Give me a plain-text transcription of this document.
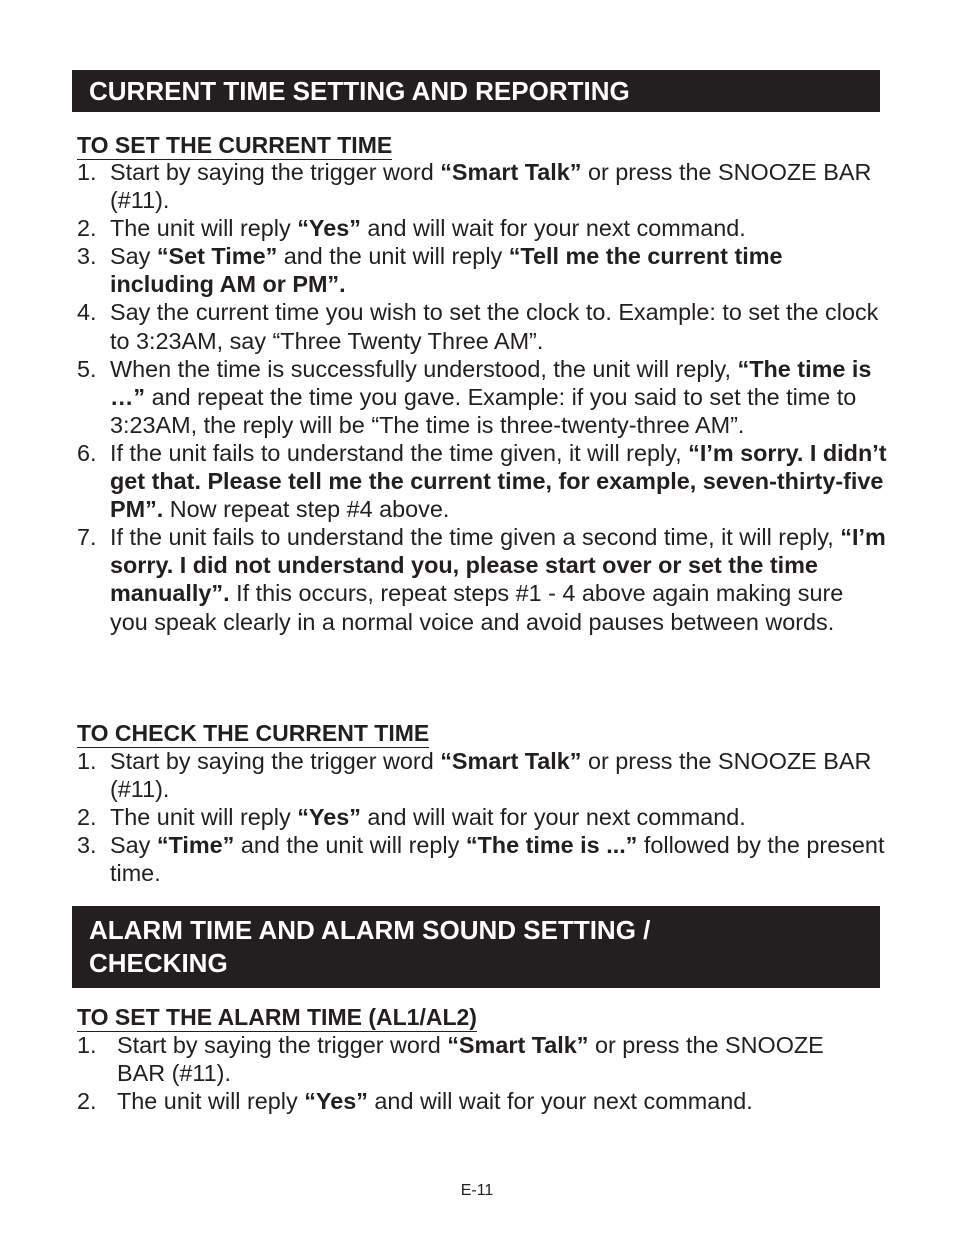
CURRENT TIME SETTING AND REPORTING
TO SET THE CURRENT TIME
1. Start by saying the trigger word “Smart Talk” or press the SNOOZE BAR (#11).
2. The unit will reply “Yes” and will wait for your next command.
3. Say “Set Time” and the unit will reply “Tell me the current time including AM or PM”.
4. Say the current time you wish to set the clock to. Example: to set the clock to 3:23AM, say “Three Twenty Three AM”.
5. When the time is successfully understood, the unit will reply, “The time is …” and repeat the time you gave. Example: if you said to set the time to 3:23AM, the reply will be “The time is three-twenty-three AM”.
6. If the unit fails to understand the time given, it will reply, “I’m sorry. I didn’t get that. Please tell me the current time, for example, seven-thirty-five PM”. Now repeat step #4 above.
7. If the unit fails to understand the time given a second time, it will reply, “I’m sorry. I did not understand you, please start over or set the time manually”. If this occurs, repeat steps #1 - 4 above again making sure you speak clearly in a normal voice and avoid pauses between words.
TO CHECK THE CURRENT TIME
1. Start by saying the trigger word “Smart Talk” or press the SNOOZE BAR (#11).
2. The unit will reply “Yes” and will wait for your next command.
3. Say “Time” and the unit will reply “The time is ...” followed by the present time.
ALARM TIME AND ALARM SOUND SETTING /
CHECKING
TO SET THE ALARM TIME (AL1/AL2)
1. Start by saying the trigger word “Smart Talk” or press the SNOOZE BAR (#11).
2. The unit will reply “Yes” and will wait for your next command.
E-11
